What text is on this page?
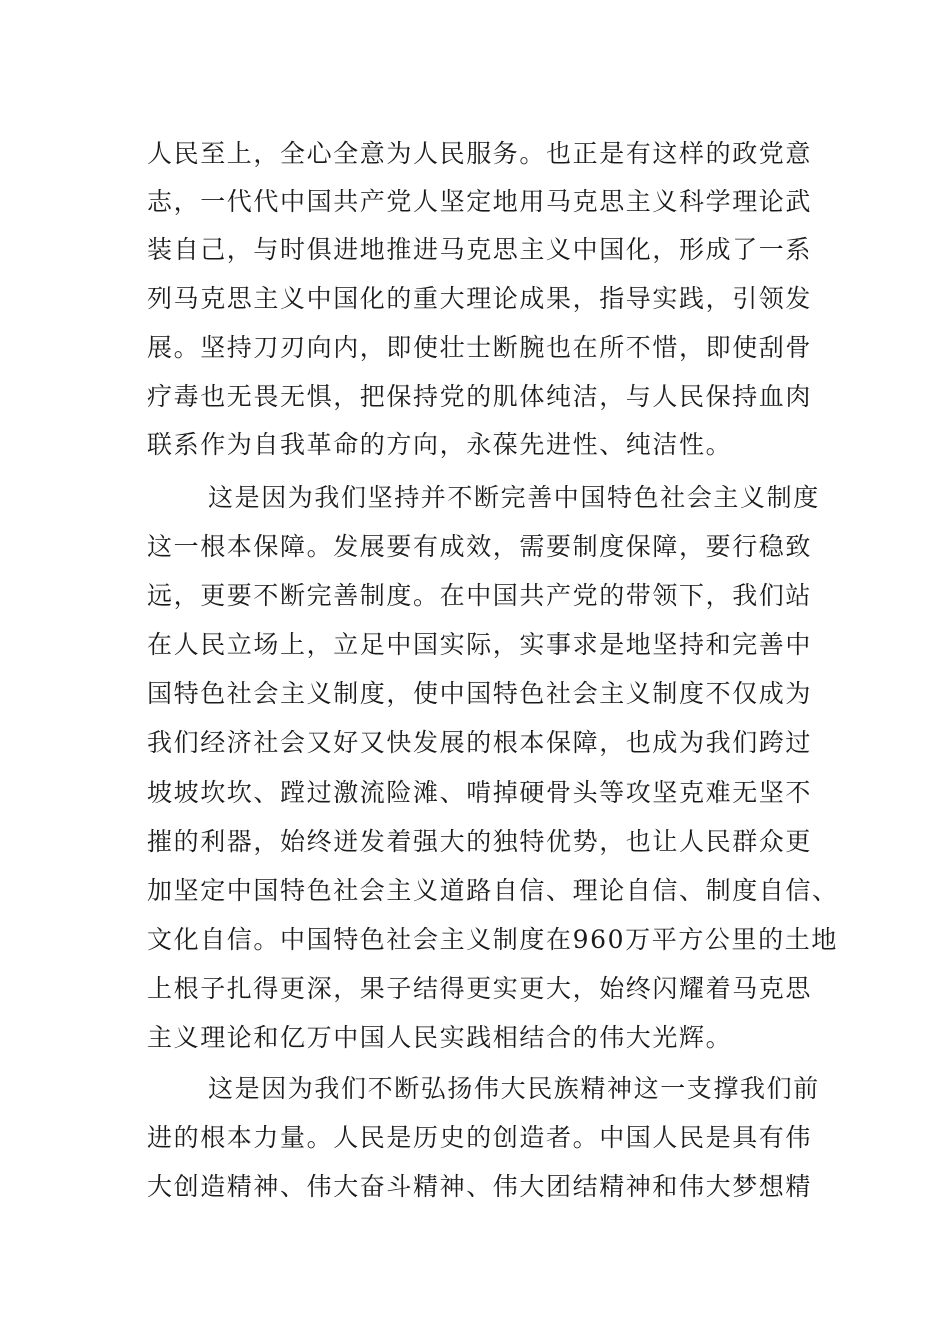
人民至上，全心全意为人民服务。也正是有这样的政党意
志，一代代中国共产党人坚定地用马克思主义科学理论武
装自己，与时俱进地推进马克思主义中国化，形成了一系
列马克思主义中国化的重大理论成果，指导实践，引领发
展。坚持刀刃向内，即使壮士断腕也在所不惜，即使刮骨
疗毒也无畏无惧，把保持党的肌体纯洁，与人民保持血肉
联系作为自我革命的方向，永葆先进性、纯洁性。
这是因为我们坚持并不断完善中国特色社会主义制度
这一根本保障。发展要有成效，需要制度保障，要行稳致
远，更要不断完善制度。在中国共产党的带领下，我们站
在人民立场上，立足中国实际，实事求是地坚持和完善中
国特色社会主义制度，使中国特色社会主义制度不仅成为
我们经济社会又好又快发展的根本保障，也成为我们跨过
坡坡坎坎、蹚过激流险滩、啃掉硬骨头等攻坚克难无坚不
摧的利器，始终迸发着强大的独特优势，也让人民群众更
加坚定中国特色社会主义道路自信、理论自信、制度自信、
文化自信。中国特色社会主义制度在960万平方公里的土地
上根子扎得更深，果子结得更实更大，始终闪耀着马克思
主义理论和亿万中国人民实践相结合的伟大光辉。
这是因为我们不断弘扬伟大民族精神这一支撑我们前
进的根本力量。人民是历史的创造者。中国人民是具有伟
大创造精神、伟大奋斗精神、伟大团结精神和伟大梦想精
